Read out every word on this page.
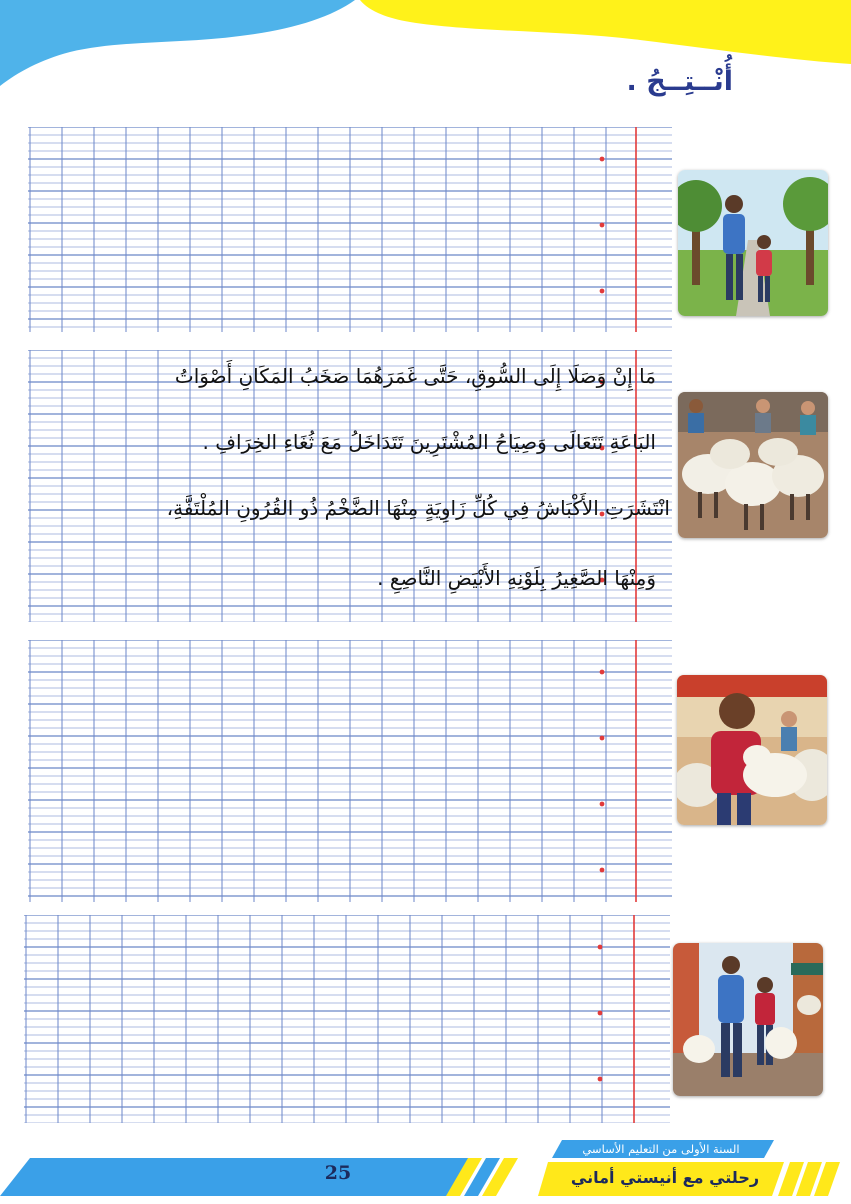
أُنْــتِــجُ .
مَا إِنْ وَصَلَا إِلَى السُّوقِ، حَتَّى غَمَرَهُمَا صَخَبُ المَكَانِ أَصْوَاتُ
البَاعَةِ تَتَعَالَى وَصِيَاحُ المُشْتَرِينَ تَتَدَاخَلُ مَعَ ثُغَاءِ الخِرَافِ .
انْتَشَرَتِ الأَكْبَاشُ فِي كُلِّ زَاوِيَةٍ مِنْهَا الضَّخْمُ ذُو القُرُونِ المُلْتَفَّةِ،
وَمِنْهَا الصَّغِيرُ بِلَوْنِهِ الأَبْيَضِ النَّاصِعِ .
25
السنة الأولى من التعليم الأساسي
رحلتي مع أنيستي أماني
